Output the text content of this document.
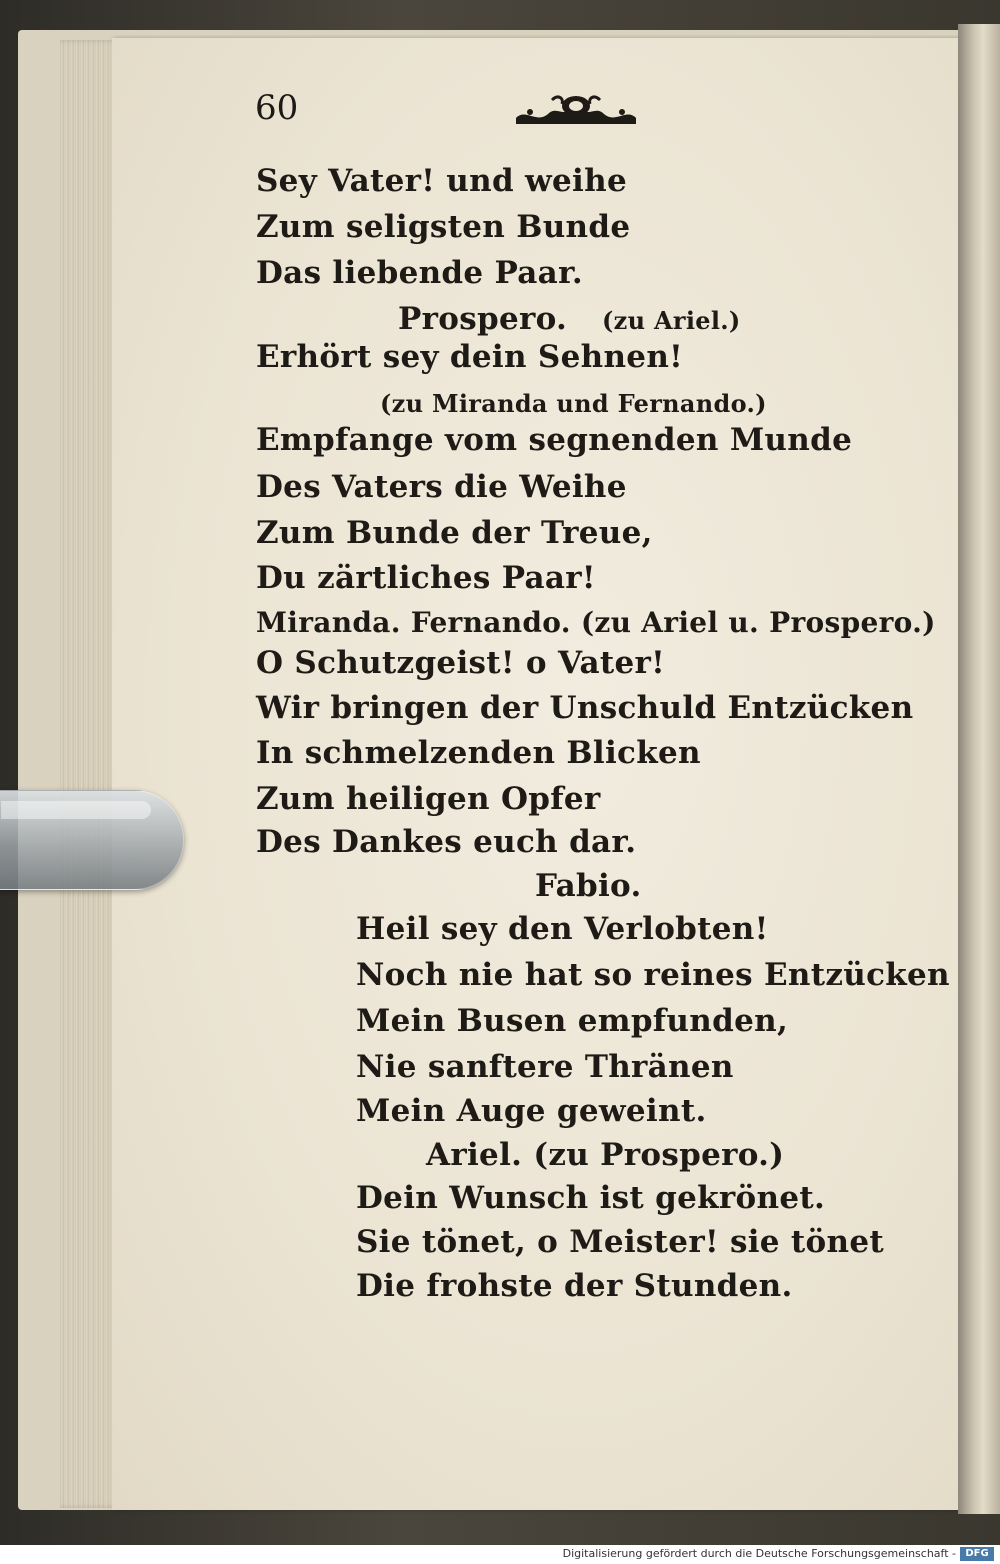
60
Sey Vater! und weihe
Zum seligsten Bunde
Das liebende Paar.
Prospero. (zu Ariel.)
Erhört sey dein Sehnen!
(zu Miranda und Fernando.)
Empfange vom segnenden Munde
Des Vaters die Weihe
Zum Bunde der Treue,
Du zärtliches Paar!
Miranda. Fernando. (zu Ariel u. Prospero.)
O Schutzgeist! o Vater!
Wir bringen der Unschuld Entzücken
In schmelzenden Blicken
Zum heiligen Opfer
Des Dankes euch dar.
Fabio.
Heil sey den Verlobten!
Noch nie hat so reines Entzücken
Mein Busen empfunden,
Nie sanftere Thränen
Mein Auge geweint.
Ariel. (zu Prospero.)
Dein Wunsch ist gekrönet.
Sie tönet, o Meister! sie tönet
Die frohste der Stunden.
Digitalisierung gefördert durch die Deutsche Forschungsgemeinschaft - DFG
